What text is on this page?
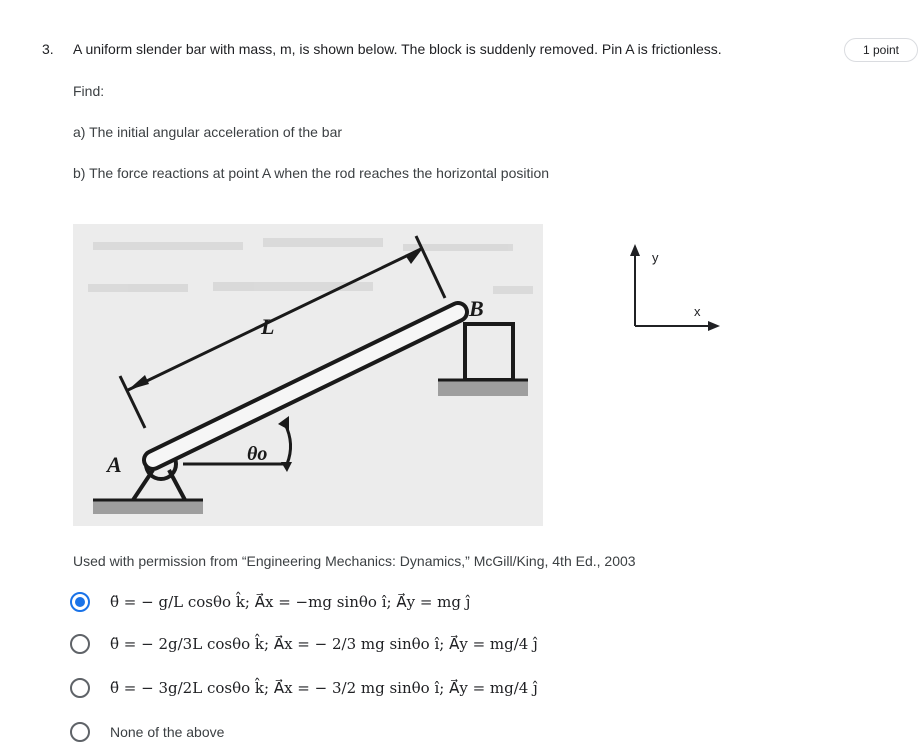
3. A uniform slender bar with mass, m, is shown below. The block is suddenly removed. Pin A is frictionless.	1 point
Find:
a) The initial angular acceleration of the bar
b) The force reactions at point A when the rod reaches the horizontal position
A
B
L
θo
y
x
Used with permission from “Engineering Mechanics: Dynamics,” McGill/King, 4th Ed., 2003
θ̈ = − g/L cosθo k̂; A⃗x = −mg sinθo î; A⃗y = mg ĵ
θ̈ = − 2g/3L cosθo k̂; A⃗x = − 2/3 mg sinθo î; A⃗y = mg/4 ĵ
θ̈ = − 3g/2L cosθo k̂; A⃗x = − 3/2 mg sinθo î; A⃗y = mg/4 ĵ
None of the above
